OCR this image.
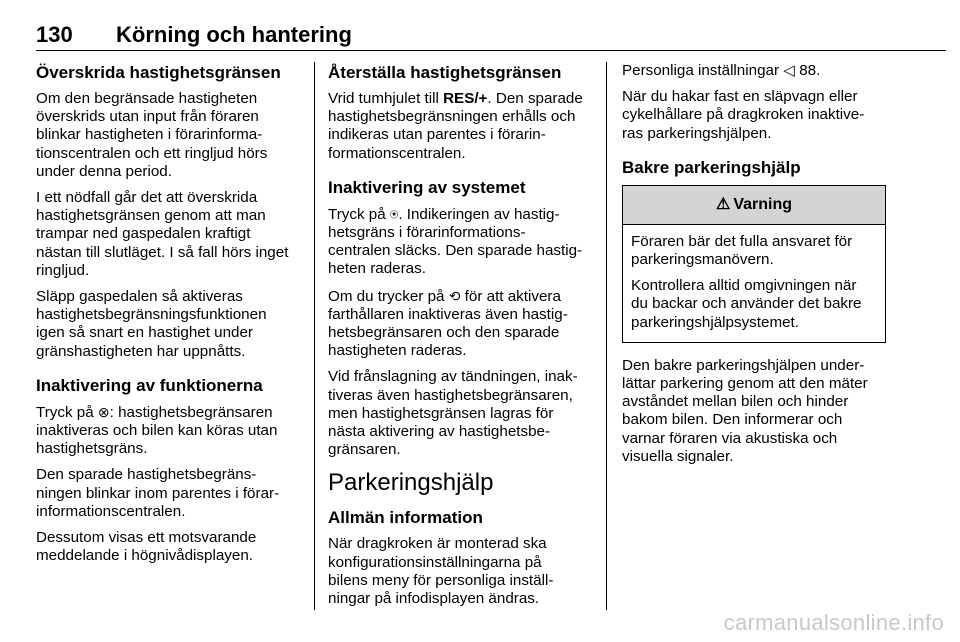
130 Körning och hantering
Överskrida hastighetsgränsen

Om den begränsade hastigheten
överskrids utan input från föraren
blinkar hastigheten i förarinforma‐
tionscentralen och ett ringljud hörs
under denna period.

I ett nödfall går det att överskrida
hastighetsgränsen genom att man
trampar ned gaspedalen kraftigt
nästan till slutläget. I så fall hörs inget
ringljud.

Släpp gaspedalen så aktiveras
hastighetsbegränsningsfunktionen
igen så snart en hastighet under
gränshastigheten har uppnåtts.

Inaktivering av funktionerna

Tryck på ⊗: hastighetsbegränsaren
inaktiveras och bilen kan köras utan
hastighetsgräns.

Den sparade hastighetsbegräns‐
ningen blinkar inom parentes i förar‐
informationscentralen.

Dessutom visas ett motsvarande
meddelande i högnivådisplayen.

Återställa hastighetsgränsen

Vrid tumhjulet till RES/+. Den sparade
hastighetsbegränsningen erhålls och
indikeras utan parentes i förarin‐
formationscentralen.

Inaktivering av systemet

Tryck på ⍟. Indikeringen av hastig‐
hetsgräns i förarinformations‐
centralen släcks. Den sparade hastig‐
heten raderas.

Om du trycker på ⟲ för att aktivera
farthållaren inaktiveras även hastig‐
hetsbegränsaren och den sparade
hastigheten raderas.

Vid frånslagning av tändningen, inak‐
tiveras även hastighetsbegränsaren,
men hastighetsgränsen lagras för
nästa aktivering av hastighetsbe‐
gränsaren.

Parkeringshjälp
Allmän information

När dragkroken är monterad ska
konfigurationsinställningarna på
bilens meny för personliga inställ‐
ningar på infodisplayen ändras.

Personliga inställningar ◁ 88.

När du hakar fast en släpvagn eller
cykelhållare på dragkroken inaktive‐
ras parkeringshjälpen.

Bakre parkeringshjälp
⚠ Varning

Föraren bär det fulla ansvaret för
parkeringsmanövern.

Kontrollera alltid omgivningen när
du backar och använder det bakre
parkeringshjälpsystemet.

Den bakre parkeringshjälpen under‐
lättar parkering genom att den mäter
avståndet mellan bilen och hinder
bakom bilen. Den informerar och
varnar föraren via akustiska och
visuella signaler.

carmanualsonline.info
